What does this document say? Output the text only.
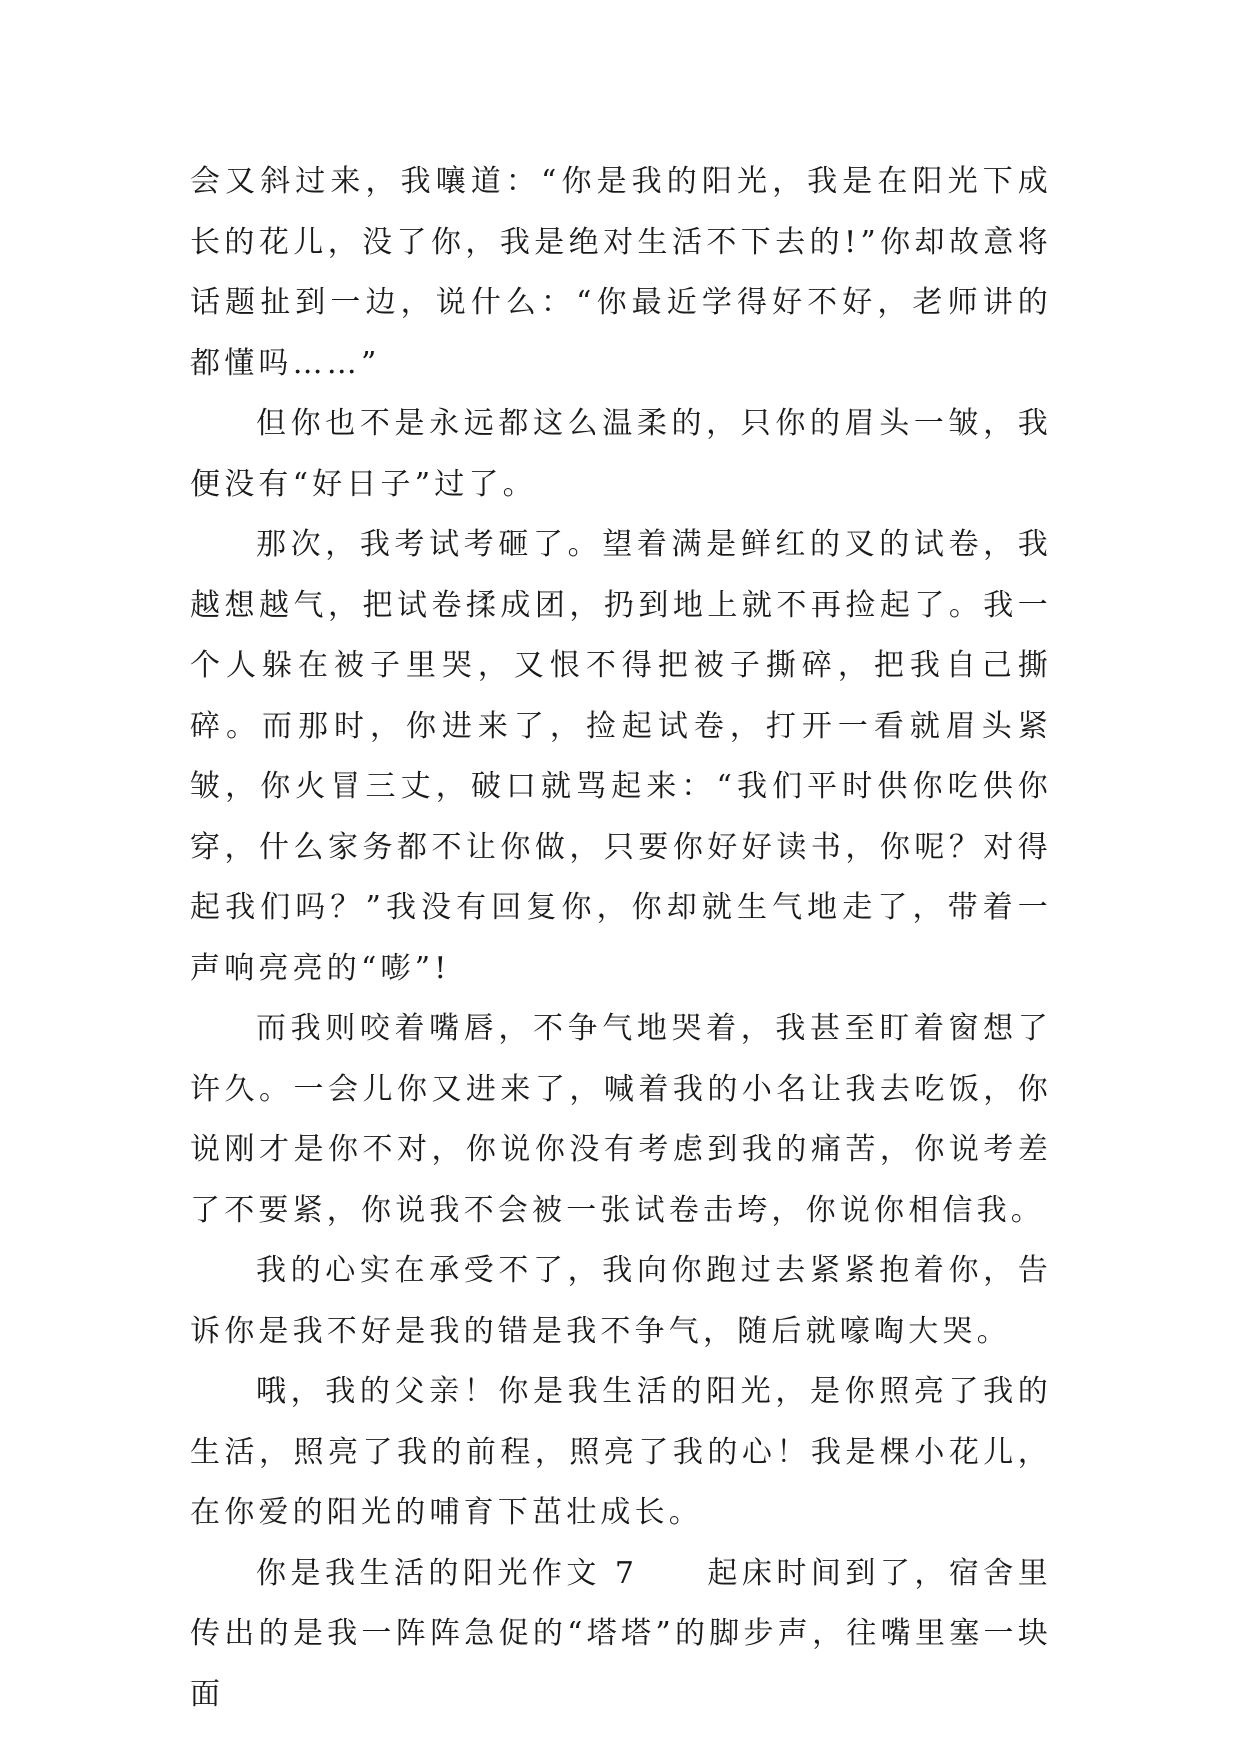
会又斜过来，我嚷道：“你是我的阳光，我是在阳光下成长的花儿，没了你，我是绝对生活不下去的!”你却故意将话题扯到一边，说什么：“你最近学得好不好，老师讲的都懂吗……”

但你也不是永远都这么温柔的，只你的眉头一皱，我便没有“好日子”过了。

那次，我考试考砸了。望着满是鲜红的叉的试卷，我越想越气，把试卷揉成团，扔到地上就不再捡起了。我一个人躲在被子里哭，又恨不得把被子撕碎，把我自己撕碎。而那时，你进来了，捡起试卷，打开一看就眉头紧皱，你火冒三丈，破口就骂起来：“我们平时供你吃供你穿，什么家务都不让你做，只要你好好读书，你呢？对得起我们吗？”我没有回复你，你却就生气地走了，带着一声响亮亮的“嘭”!

而我则咬着嘴唇，不争气地哭着，我甚至盯着窗想了许久。一会儿你又进来了，喊着我的小名让我去吃饭，你说刚才是你不对，你说你没有考虑到我的痛苦，你说考差了不要紧，你说我不会被一张试卷击垮，你说你相信我。

我的心实在承受不了，我向你跑过去紧紧抱着你，告诉你是我不好是我的错是我不争气，随后就嚎啕大哭。

哦，我的父亲！你是我生活的阳光，是你照亮了我的生活，照亮了我的前程，照亮了我的心！我是棵小花儿，在你爱的阳光的哺育下茁壮成长。

你是我生活的阳光作文 7　　起床时间到了，宿舍里传出的是我一阵阵急促的“塔塔”的脚步声，往嘴里塞一块面
